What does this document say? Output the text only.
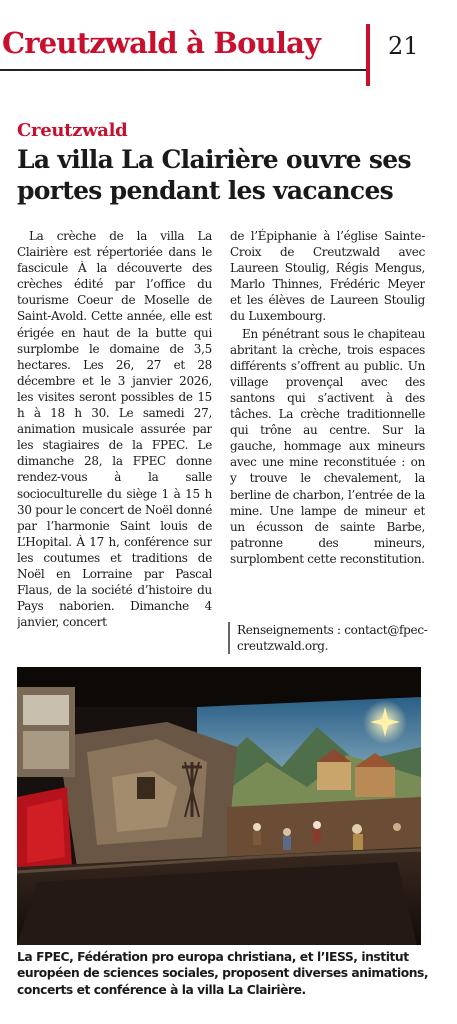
Creutzwald à Boulay	21
Creutzwald
La villa La Clairière ouvre ses portes pendant les vacances

La crèche de la villa La Clairière est répertoriée dans le fascicule À la découverte des crèches édité par l’office du tourisme Coeur de Moselle de Saint-Avold. Cette année, elle est érigée en haut de la butte qui surplombe le domaine de 3,5 hectares. Les 26, 27 et 28 décembre et le 3 janvier 2026, les visites seront possibles de 15 h à 18 h 30. Le samedi 27, animation musicale assurée par les stagiaires de la FPEC. Le dimanche 28, la FPEC donne rendez-vous à la salle socioculturelle du siège 1 à 15 h 30 pour le concert de Noël donné par l’harmonie Saint louis de L’Hopital. À 17 h, conférence sur les coutumes et traditions de Noël en Lorraine par Pascal Flaus, de la société d’histoire du Pays naborien. Dimanche 4 janvier, concert

de l’Épiphanie à l’église Sainte-Croix de Creutzwald avec Laureen Stoulig, Régis Mengus, Marlo Thinnes, Frédéric Meyer et les élèves de Laureen Stoulig du Luxembourg.

En pénétrant sous le chapiteau abritant la crèche, trois espaces différents s’offrent au public. Un village provençal avec des santons qui s’activent à des tâches. La crèche traditionnelle qui trône au centre. Sur la gauche, hommage aux mineurs avec une mine reconstituée : on y trouve le chevalement, la berline de charbon, l’entrée de la mine. Une lampe de mineur et un écusson de sainte Barbe, patronne des mineurs, surplombent cette reconstitution.

Renseignements : contact@fpec-creutzwald.org.

La FPEC, Fédération pro europa christiana, et l’IESS, institut européen de sciences sociales, proposent diverses animations, concerts et conférence à la villa La Clairière.
